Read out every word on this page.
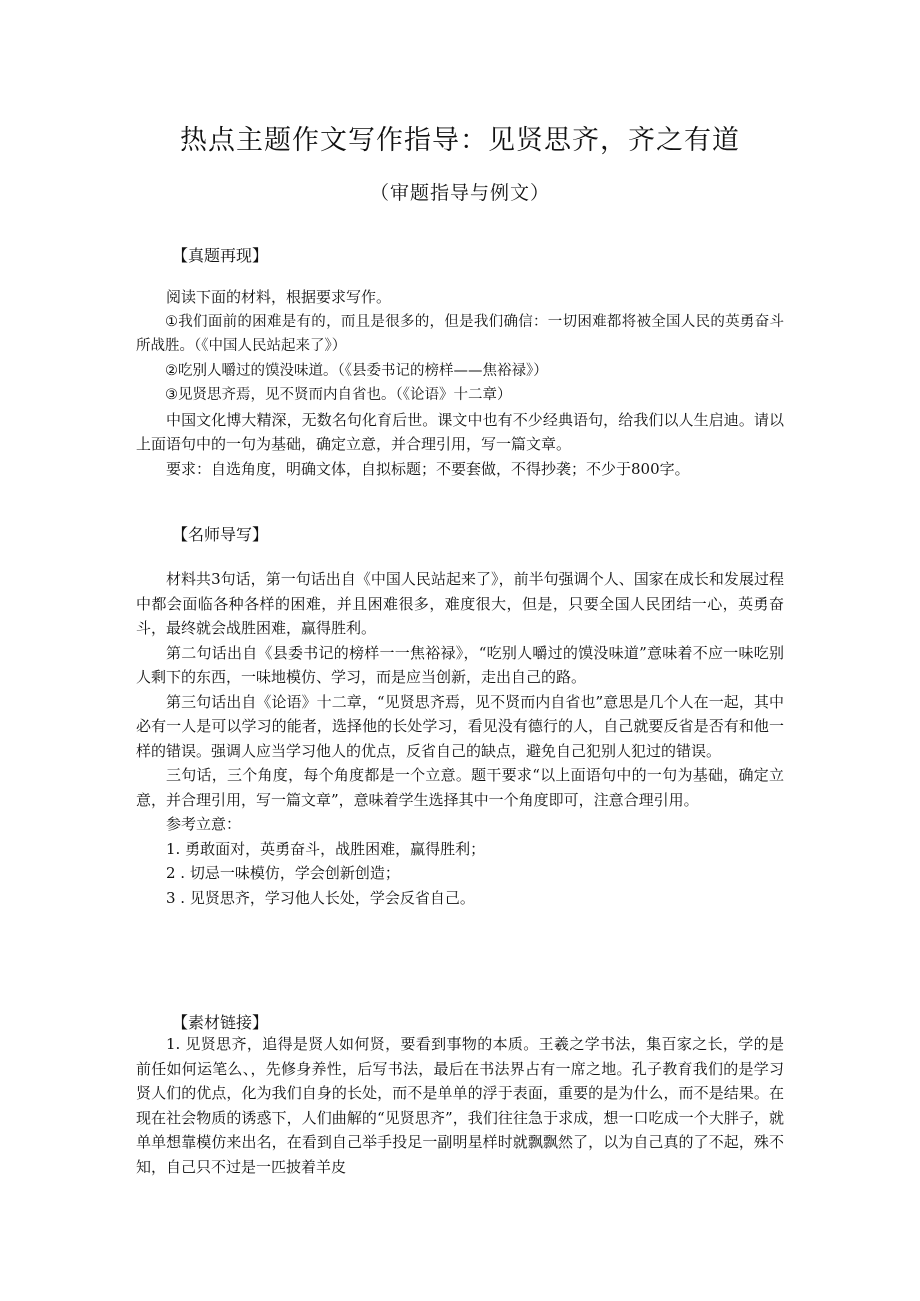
热点主题作文写作指导：见贤思齐，齐之有道
（审题指导与例文）
【真题再现】

阅读下面的材料，根据要求写作。

①我们面前的困难是有的，而且是很多的，但是我们确信：一切困难都将被全国人民的英勇奋斗所战胜。（《中国人民站起来了》）

②吃别人嚼过的馍没味道。（《县委书记的榜样——焦裕禄》）

③见贤思齐焉，见不贤而内自省也。（《论语》十二章）

中国文化博大精深，无数名句化育后世。课文中也有不少经典语句，给我们以人生启迪。请以上面语句中的一句为基础，确定立意，并合理引用，写一篇文章。

要求：自选角度，明确文体，自拟标题；不要套做，不得抄袭；不少于800字。

【名师导写】

材料共3句话，第一句话出自《中国人民站起来了》，前半句强调个人、国家在成长和发展过程中都会面临各种各样的困难，并且困难很多，难度很大，但是，只要全国人民团结一心，英勇奋斗，最终就会战胜困难，赢得胜利。

第二句话出自《县委书记的榜样一一焦裕禄》，“吃别人嚼过的馍没味道”意味着不应一味吃别人剩下的东西，一味地模仿、学习，而是应当创新，走出自己的路。

第三句话出自《论语》十二章，“见贤思齐焉，见不贤而内自省也”意思是几个人在一起，其中必有一人是可以学习的能者，选择他的长处学习，看见没有德行的人，自己就要反省是否有和他一样的错误。强调人应当学习他人的优点，反省自己的缺点，避免自己犯别人犯过的错误。

三句话，三个角度，每个角度都是一个立意。题干要求“以上面语句中的一句为基础，确定立意，并合理引用，写一篇文章”，意味着学生选择其中一个角度即可，注意合理引用。

参考立意：

1. 勇敢面对，英勇奋斗，战胜困难，赢得胜利；

2 . 切忌一味模仿，学会创新创造；

3 . 见贤思齐，学习他人长处，学会反省自己。

【素材链接】

1. 见贤思齐，追得是贤人如何贤，要看到事物的本质。王羲之学书法，集百家之长，学的是前任如何运笔么、，先修身养性，后写书法，最后在书法界占有一席之地。孔子教育我们的是学习贤人们的优点，化为我们自身的长处，而不是单单的浮于表面，重要的是为什么，而不是结果。在现在社会物质的诱惑下，人们曲解的“见贤思齐”，我们往往急于求成，想一口吃成一个大胖子，就单单想靠模仿来出名，在看到自己举手投足一副明星样时就飘飘然了，以为自己真的了不起，殊不知，自己只不过是一匹披着羊皮
